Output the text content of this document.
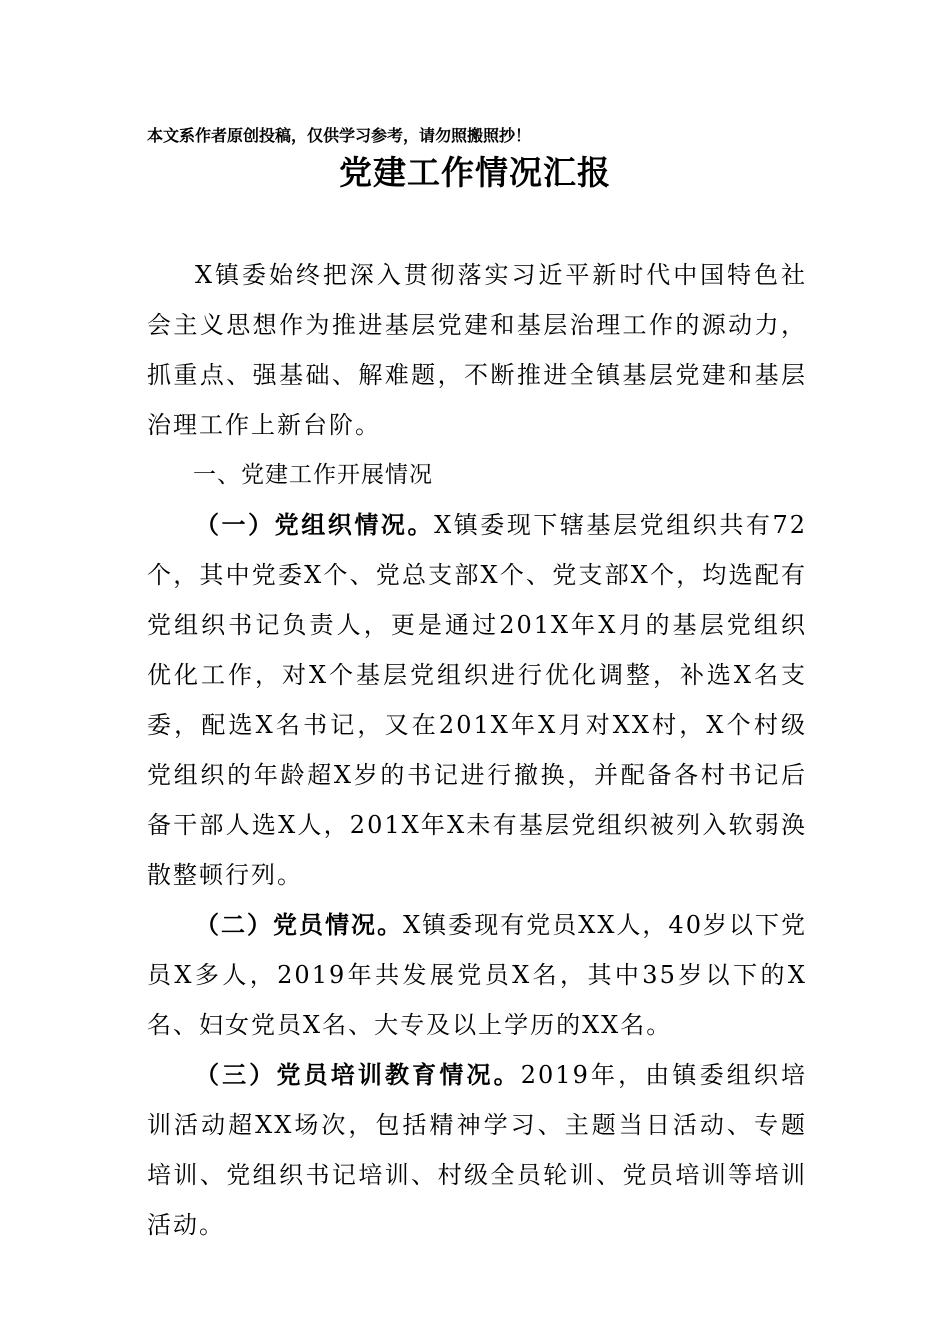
本文系作者原创投稿，仅供学习参考，请勿照搬照抄！
党建工作情况汇报

X镇委始终把深入贯彻落实习近平新时代中国特色社会主义思想作为推进基层党建和基层治理工作的源动力，抓重点、强基础、解难题，不断推进全镇基层党建和基层治理工作上新台阶。

一、党建工作开展情况

（一）党组织情况。X镇委现下辖基层党组织共有72个，其中党委X个、党总支部X个、党支部X个，均选配有党组织书记负责人，更是通过201X年X月的基层党组织优化工作，对X个基层党组织进行优化调整，补选X名支委，配选X名书记，又在201X年X月对XX村，X个村级党组织的年龄超X岁的书记进行撤换，并配备各村书记后备干部人选X人，201X年X未有基层党组织被列入软弱涣散整顿行列。

（二）党员情况。X镇委现有党员XX人，40岁以下党员X多人，2019年共发展党员X名，其中35岁以下的X名、妇女党员X名、大专及以上学历的XX名。

（三）党员培训教育情况。2019年，由镇委组织培训活动超XX场次，包括精神学习、主题当日活动、专题培训、党组织书记培训、村级全员轮训、党员培训等培训活动。
